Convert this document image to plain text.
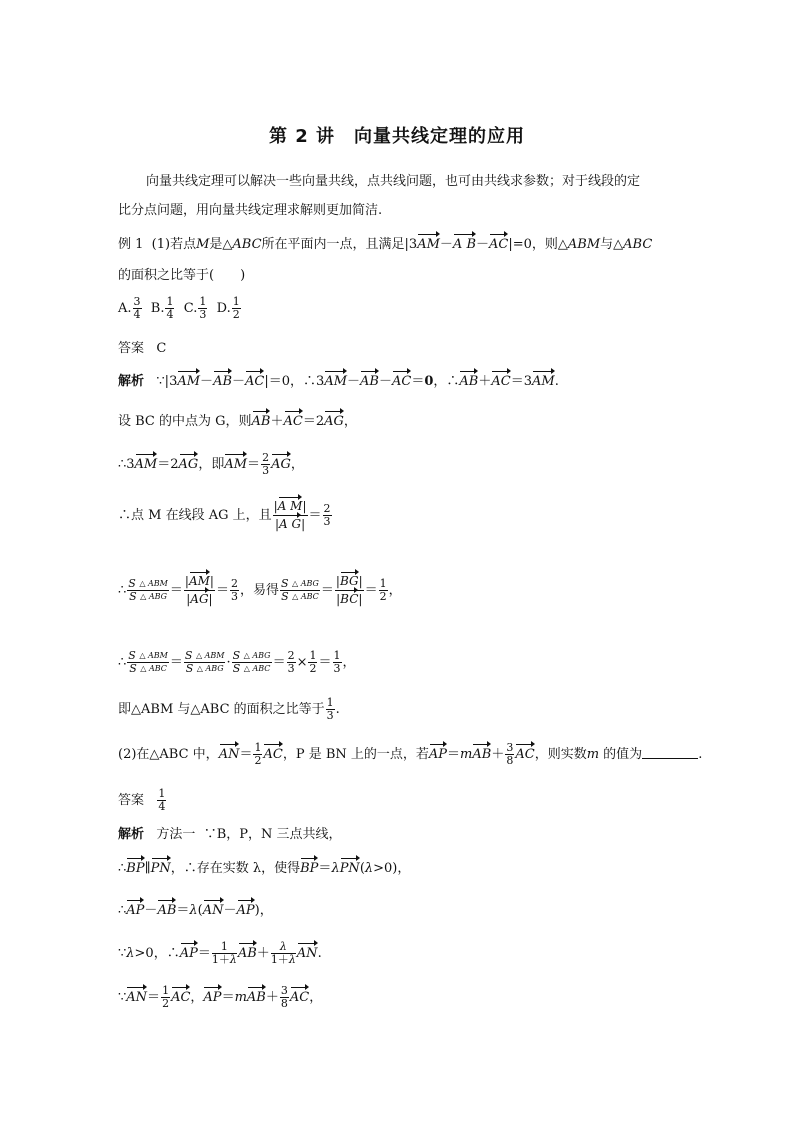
第 2 讲　向量共线定理的应用
向量共线定理可以解决一些向量共线，点共线问题，也可由共线求参数；对于线段的定
比分点问题，用向量共线定理求解则更加简洁.
例 1 (1)若点M是△ABC所在平面内一点，且满足|3AM－A B－AC|=0，则△ABM与△ABC
的面积之比等于(　　)
A. $\frac{3}{4} B$. $\frac{1}{4} C$. $\frac{1}{3} D$. $\frac{1}{2}$
答案 C
解析   ∵|3AM－AB－AC|＝0，∴3AM－AB－AC＝0，∴AB＋AC＝3AM.
设 BC 的中点为 G，则AB＋AC＝2AG，
∴3AM＝2AG，即$AM= \frac{2}{3}$ AG，
∴点 M 在线段 AG 上，且 $\frac{\text{|A M|}}{\text{|A G|}} = \frac{2}{3}$
∴ $\frac{\text{S △ ABM}}{\text{S △ ABG}} = \frac{|AM|}{|AG|} = \frac{2}{3}$ ，易得 $\frac{\text{S △ ABG}}{\text{S △ ABC}} = \frac{|BG|}{|BC|} = \frac{1}{2}$ ，
∴ $\frac{\text{S △ ABM}}{\text{S △ ABC}} = \frac{\text{S △ ABM}}{\text{S △ ABG}} \cdot \frac{\text{S △ ABG}}{\text{S △ ABC}} = \frac{2}{3} \times \frac{1}{2} = \frac{1}{3}$ ，
即△ABM 与△ABC 的面积之比等于 $\frac{1}{3}$ .
(2)在△ABC 中，$AN= \frac{1}{2}$ AC，P 是 BN 上的一点，若$AP=mAB+ \frac{3}{8}$ AC，则实数m 的值为	.
答案 $\frac{1}{4}$
解析 方法一 ∵B，P，N 三点共线，
∴BP∥PN，∴存在实数 λ，使得BP＝λPN(λ>0)，
∴AP－AB＝λ(AN－AP)，
∵λ>0，∴AP＝ $\frac{1}{1+\lambda} AB+ \frac{\lambda}{1+\lambda}$ AN.
∵AN＝ $\frac{1}{2}$ AC，$AP=mAB+ \frac{3}{8}$ AC，
